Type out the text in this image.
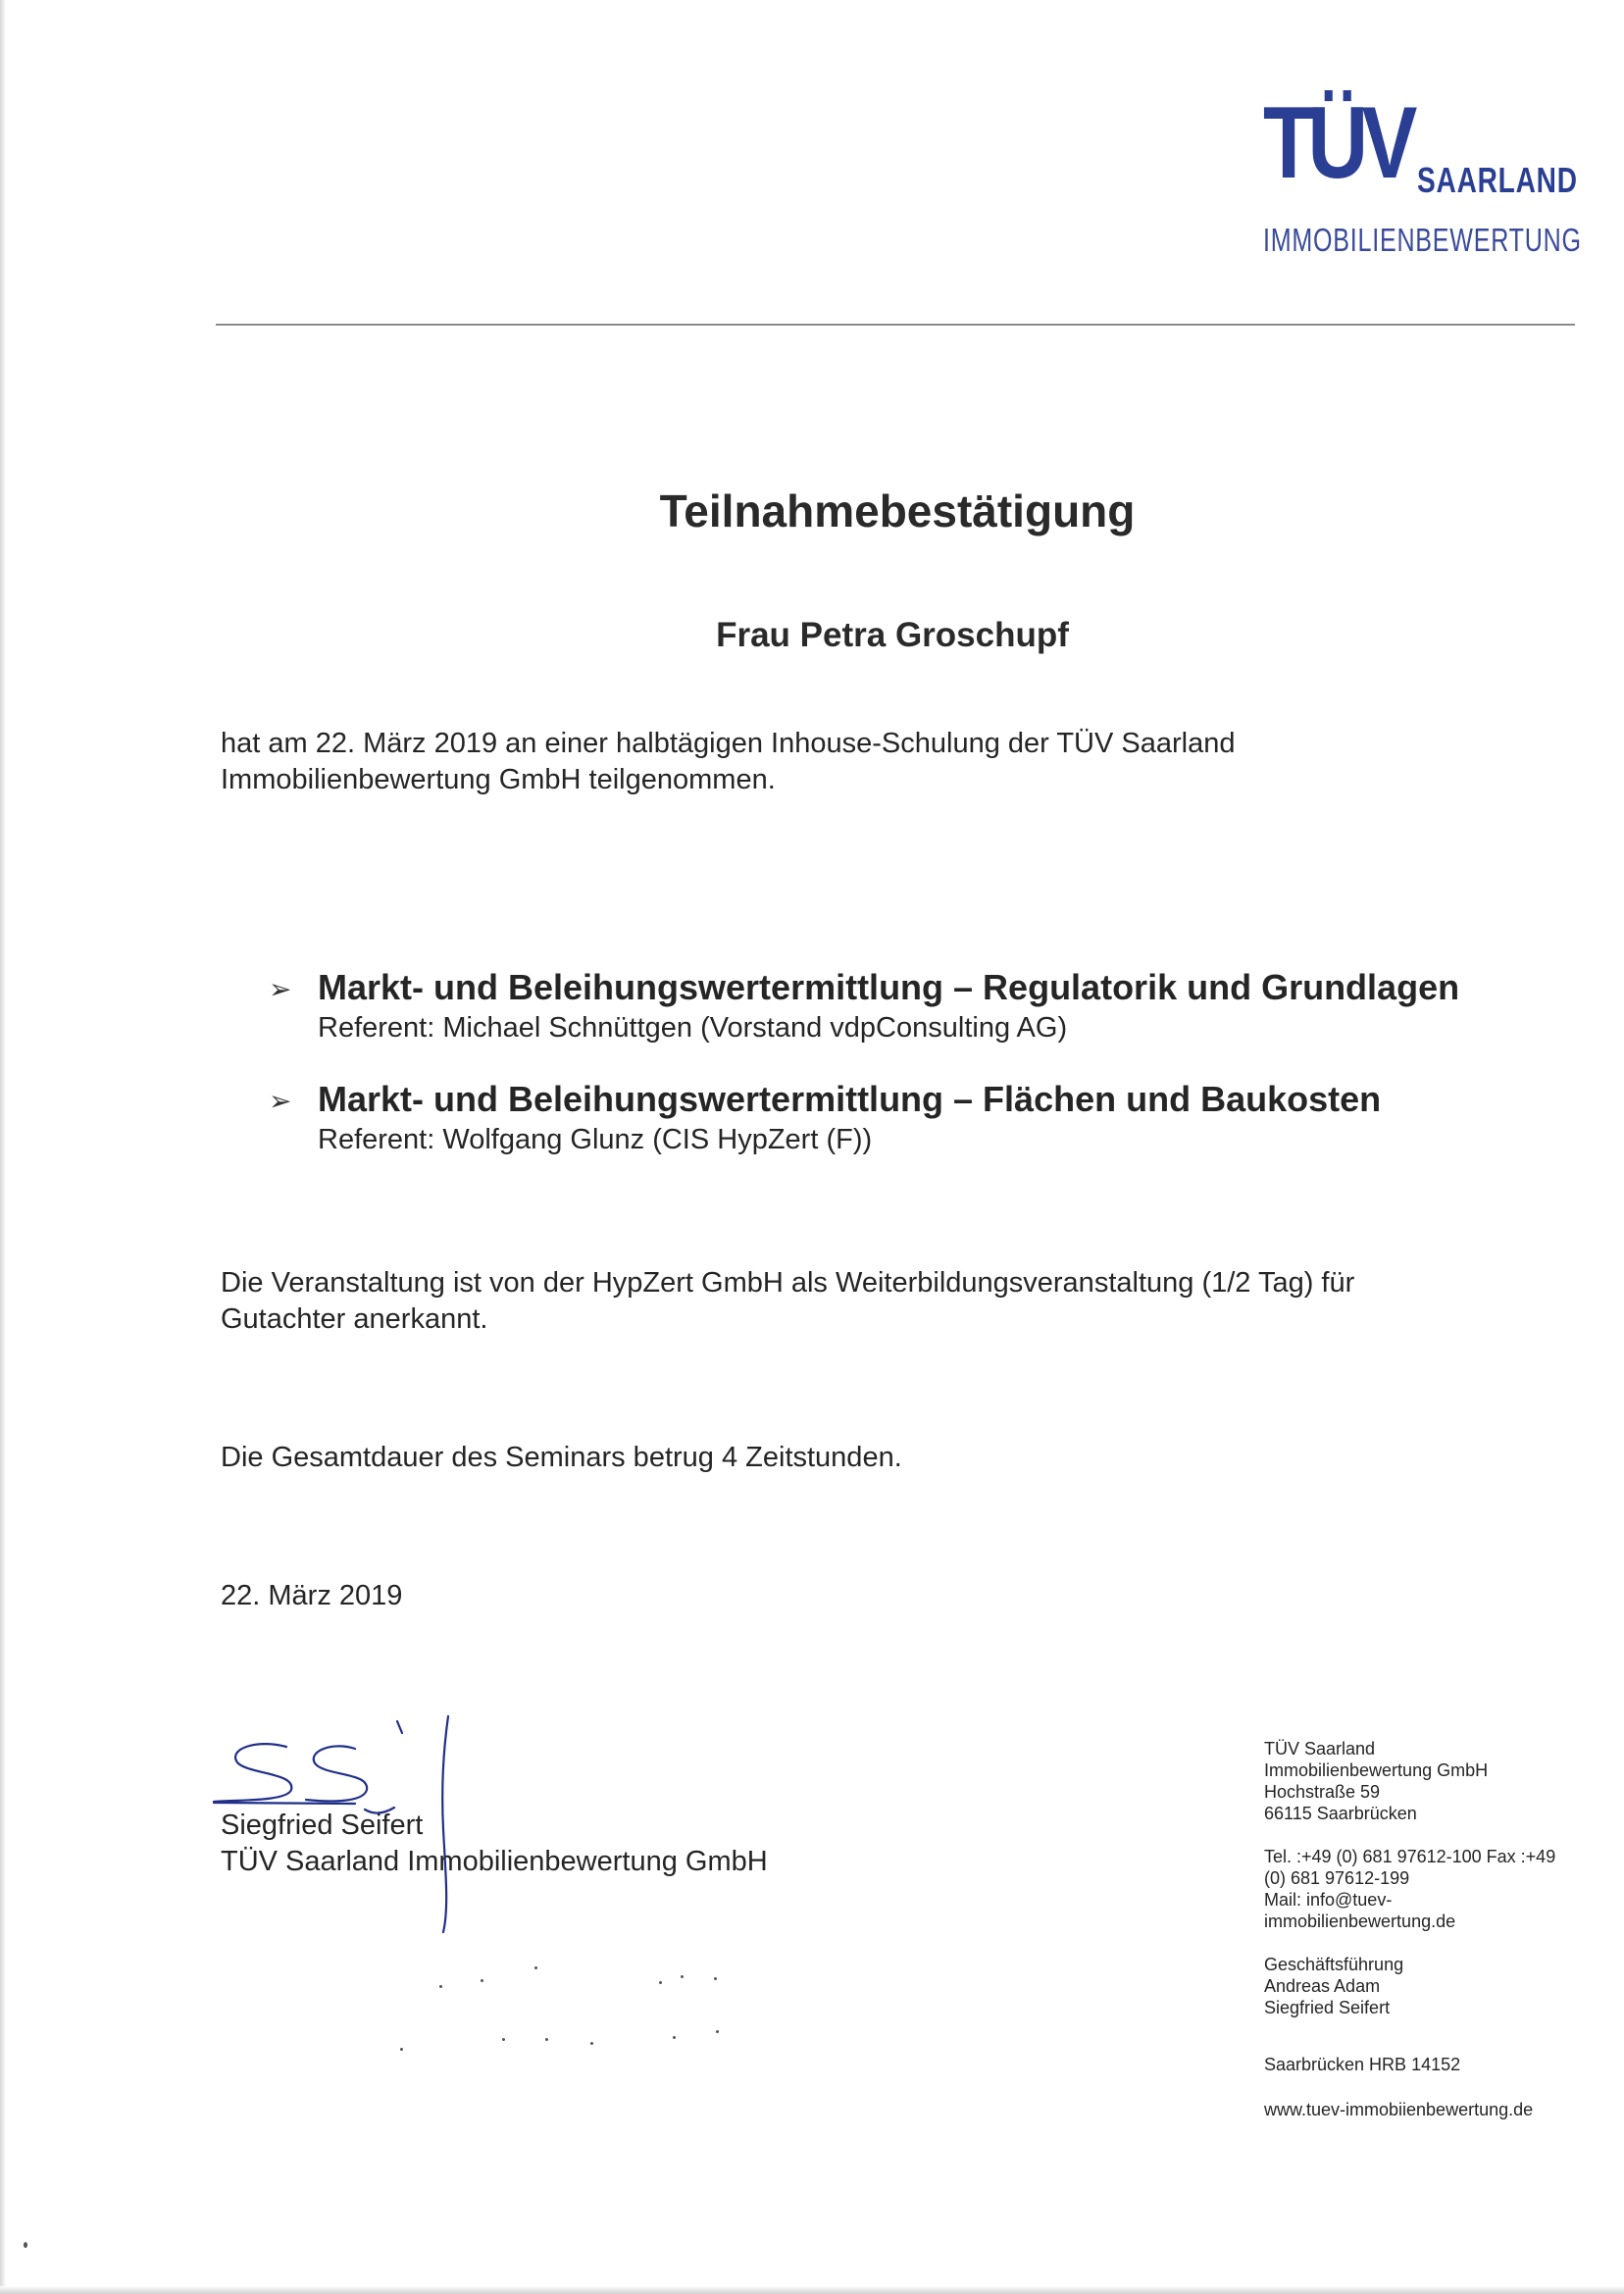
TÜV SAARLAND
IMMOBILIENBEWERTUNG
Teilnahmebestätigung
Frau Petra Groschupf
hat am 22. März 2019 an einer halbtägigen Inhouse-Schulung der TÜV Saarland
Immobilienbewertung GmbH teilgenommen.
➢ Markt- und Beleihungswertermittlung – Regulatorik und Grundlagen
Referent: Michael Schnüttgen (Vorstand vdpConsulting AG)
➢ Markt- und Beleihungswertermittlung – Flächen und Baukosten
Referent: Wolfgang Glunz (CIS HypZert (F))
Die Veranstaltung ist von der HypZert GmbH als Weiterbildungsveranstaltung (1/2 Tag) für
Gutachter anerkannt.
Die Gesamtdauer des Seminars betrug 4 Zeitstunden.
22. März 2019
Siegfried Seifert
TÜV Saarland Immobilienbewertung GmbH
TÜV Saarland
Immobilienbewertung GmbH
Hochstraße 59
66115 Saarbrücken
Tel. :+49 (0) 681 97612-100 Fax :+49
(0) 681 97612-199
Mail: info@tuev-
immobilienbewertung.de
Geschäftsführung
Andreas Adam
Siegfried Seifert
Saarbrücken HRB 14152
www.tuev-immobiienbewertung.de
